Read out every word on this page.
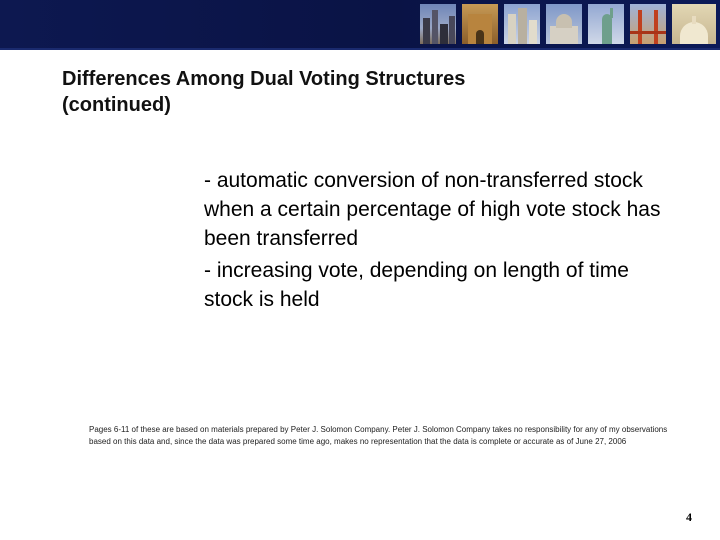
Differences Among Dual Voting Structures
(continued)
- automatic conversion of non-transferred stock when a certain percentage of high vote stock has been transferred
- increasing vote, depending on length of time stock is held
Pages 6-11 of these are based on materials prepared by Peter J. Solomon Company. Peter J. Solomon Company takes no responsibility for any of my observations based on this data and, since the data was prepared some time ago, makes no representation that the data is complete or accurate as of June 27, 2006
4
